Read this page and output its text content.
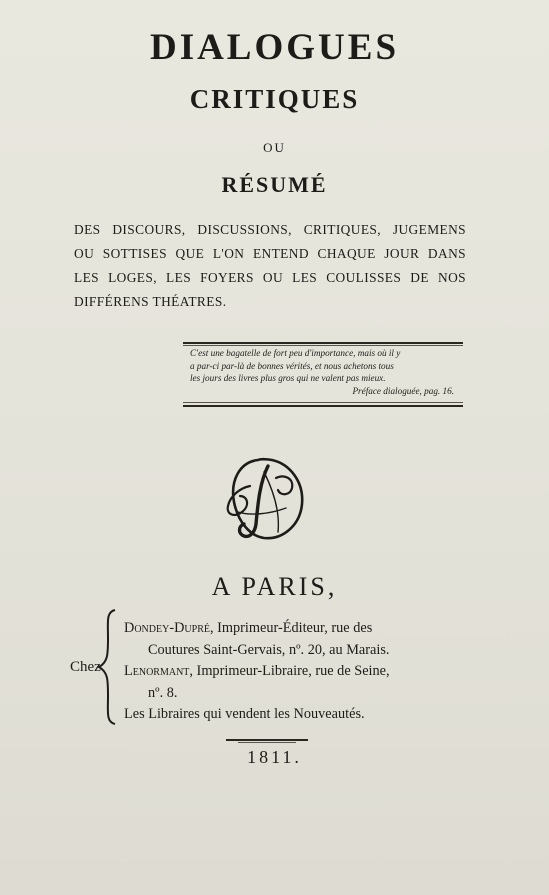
DIALOGUES
CRITIQUES
OU
RÉSUMÉ
DES DISCOURS, DISCUSSIONS, CRITIQUES, JUGEMENS
OU SOTTISES QUE L'ON ENTEND CHAQUE JOUR DANS
LES LOGES, LES FOYERS OU LES COULISSES DE NOS
DIFFÉRENS THÉATRES.
C'est une bagatelle de fort peu d'importance, mais où il y
a par-ci par-là de bonnes vérités, et nous achetons tous
les jours des livres plus gros qui ne valent pas mieux.
Préface dialoguée, pag. 16.
A PARIS,
Chez
Dondey-Dupré, Imprimeur-Éditeur, rue des
Coutures Saint-Gervais, nº. 20, au Marais.
Lenormant, Imprimeur-Libraire, rue de Seine,
nº. 8.
Les Libraires qui vendent les Nouveautés.
1811.
